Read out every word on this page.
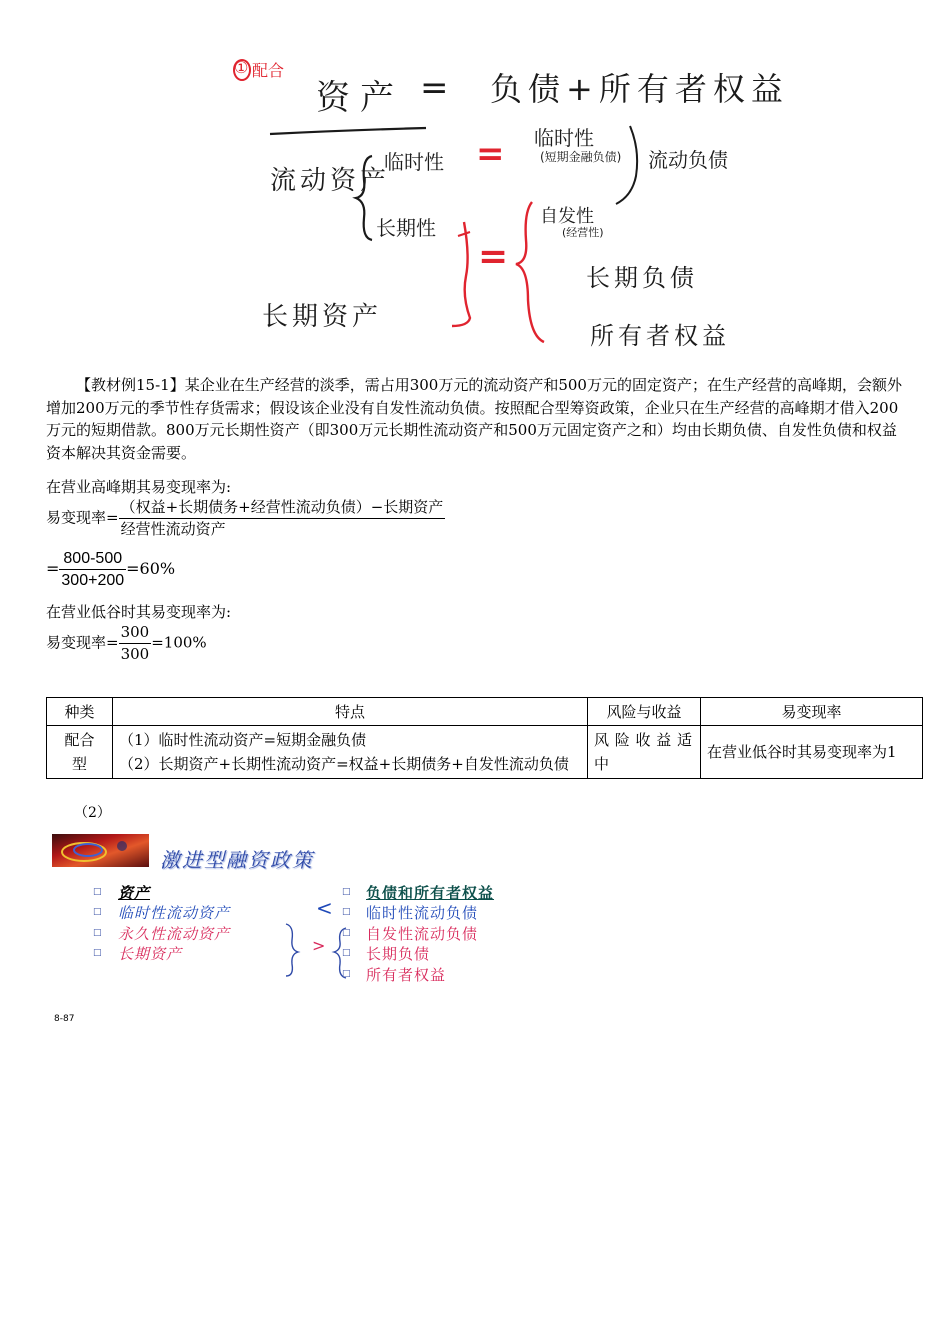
① 配合
资产 = 负债+所有者权益
流动资产
临时性
长期性
= 临时性
(短期金融负债) 流动负债
自发性
(经营性)
=
长期负债
所有者权益
长期资产
【教材例15-1】某企业在生产经营的淡季，需占用300万元的流动资产和500万元的固定资产；在生产经营的高峰期，会额外增加200万元的季节性存货需求；假设该企业没有自发性流动负债。按照配合型筹资政策，企业只在生产经营的高峰期才借入200万元的短期借款。800万元长期性资产（即300万元长期性流动资产和500万元固定资产之和）均由长期负债、自发性负债和权益资本解决其资金需要。
在营业高峰期其易变现率为:
易变现率= $\frac{\text{（权益+长期债务+经营性流动负债）−长期资产}}{\text{经营性流动资产}}$
= $\frac{800-500}{300+200} =60\%$
在营业低谷时其易变现率为:
易变现率= $\frac{300}{300} =100\%$
种类	特点	风险与收益	易变现率
配合型	（1）临时性流动资产=短期金融负债
（2）长期资产+长期性流动资产=权益+长期债务+自发性流动负债	风险收益适中	在营业低谷时其易变现率为1
（2）
激进型融资政策
□
□
□
□
资产
临时性流动资产
永久性流动资产
长期资产
<
>
□
□
□
□
□
负债和所有者权益
临时性流动负债
自发性流动负债
长期负债
所有者权益
8-87
